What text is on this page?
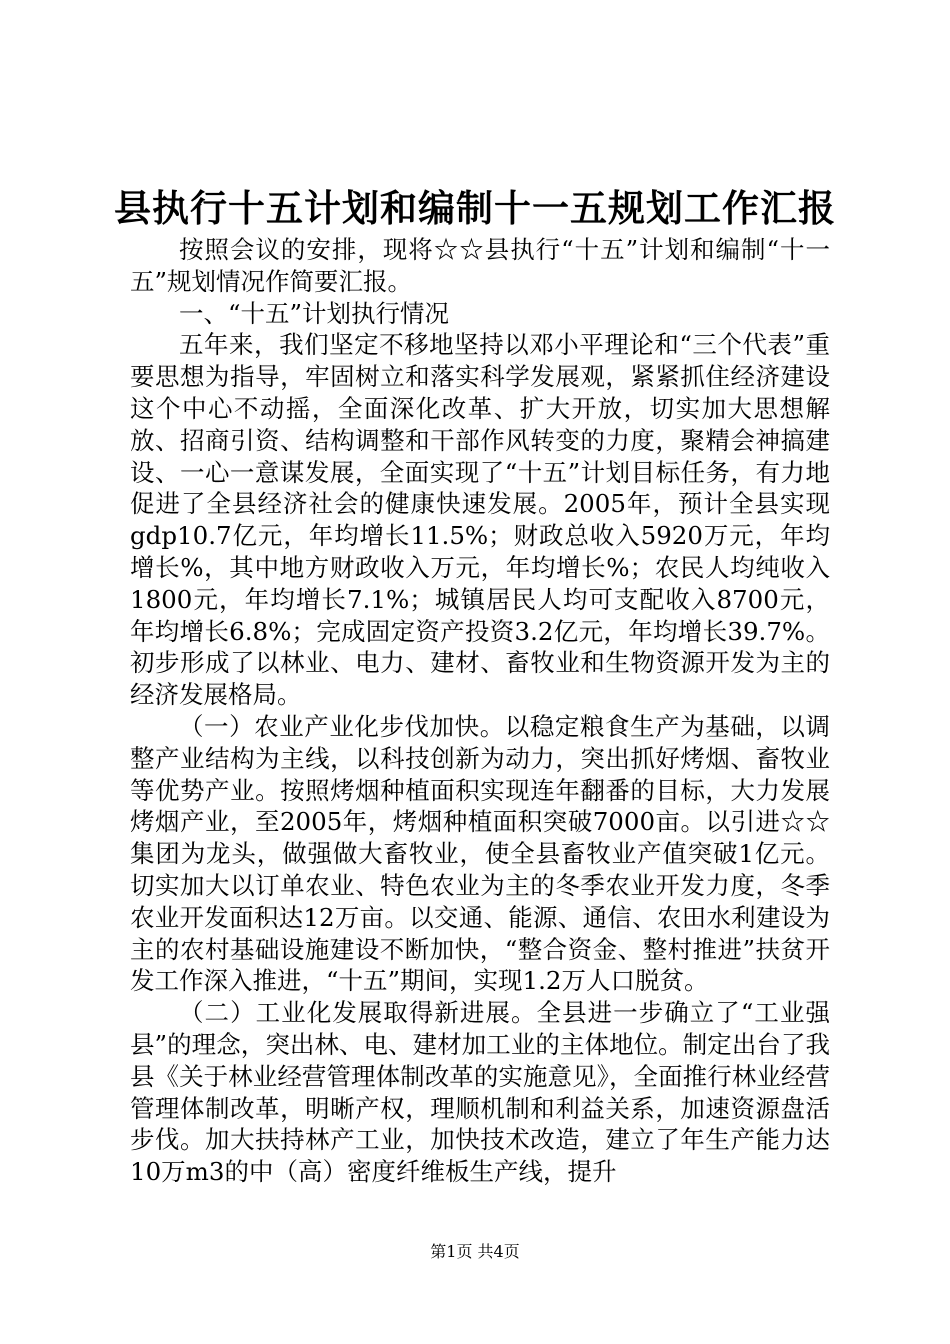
县执行十五计划和编制十一五规划工作汇报

按照会议的安排，现将☆☆县执行“十五”计划和编制“十一五”规划情况作简要汇报。

一、“十五”计划执行情况

五年来，我们坚定不移地坚持以邓小平理论和“三个代表”重要思想为指导，牢固树立和落实科学发展观，紧紧抓住经济建设这个中心不动摇，全面深化改革、扩大开放，切实加大思想解放、招商引资、结构调整和干部作风转变的力度，聚精会神搞建设、一心一意谋发展，全面实现了“十五”计划目标任务，有力地促进了全县经济社会的健康快速发展。2005年，预计全县实现gdp10.7亿元，年均增长11.5%；财政总收入5920万元，年均增长%，其中地方财政收入万元，年均增长%；农民人均纯收入1800元，年均增长7.1%；城镇居民人均可支配收入8700元，年均增长6.8%；完成固定资产投资3.2亿元，年均增长39.7%。初步形成了以林业、电力、建材、畜牧业和生物资源开发为主的经济发展格局。

（一）农业产业化步伐加快。以稳定粮食生产为基础，以调整产业结构为主线，以科技创新为动力，突出抓好烤烟、畜牧业等优势产业。按照烤烟种植面积实现连年翻番的目标，大力发展烤烟产业，至2005年，烤烟种植面积突破7000亩。以引进☆☆集团为龙头，做强做大畜牧业，使全县畜牧业产值突破1亿元。切实加大以订单农业、特色农业为主的冬季农业开发力度，冬季农业开发面积达12万亩。以交通、能源、通信、农田水利建设为主的农村基础设施建设不断加快，“整合资金、整村推进”扶贫开发工作深入推进，“十五”期间，实现1.2万人口脱贫。

（二）工业化发展取得新进展。全县进一步确立了“工业强县”的理念，突出林、电、建材加工业的主体地位。制定出台了我县《关于林业经营管理体制改革的实施意见》，全面推行林业经营管理体制改革，明晰产权，理顺机制和利益关系，加速资源盘活步伐。加大扶持林产工业，加快技术改造，建立了年生产能力达10万m3的中（高）密度纤维板生产线，提升

第1页 共4页
